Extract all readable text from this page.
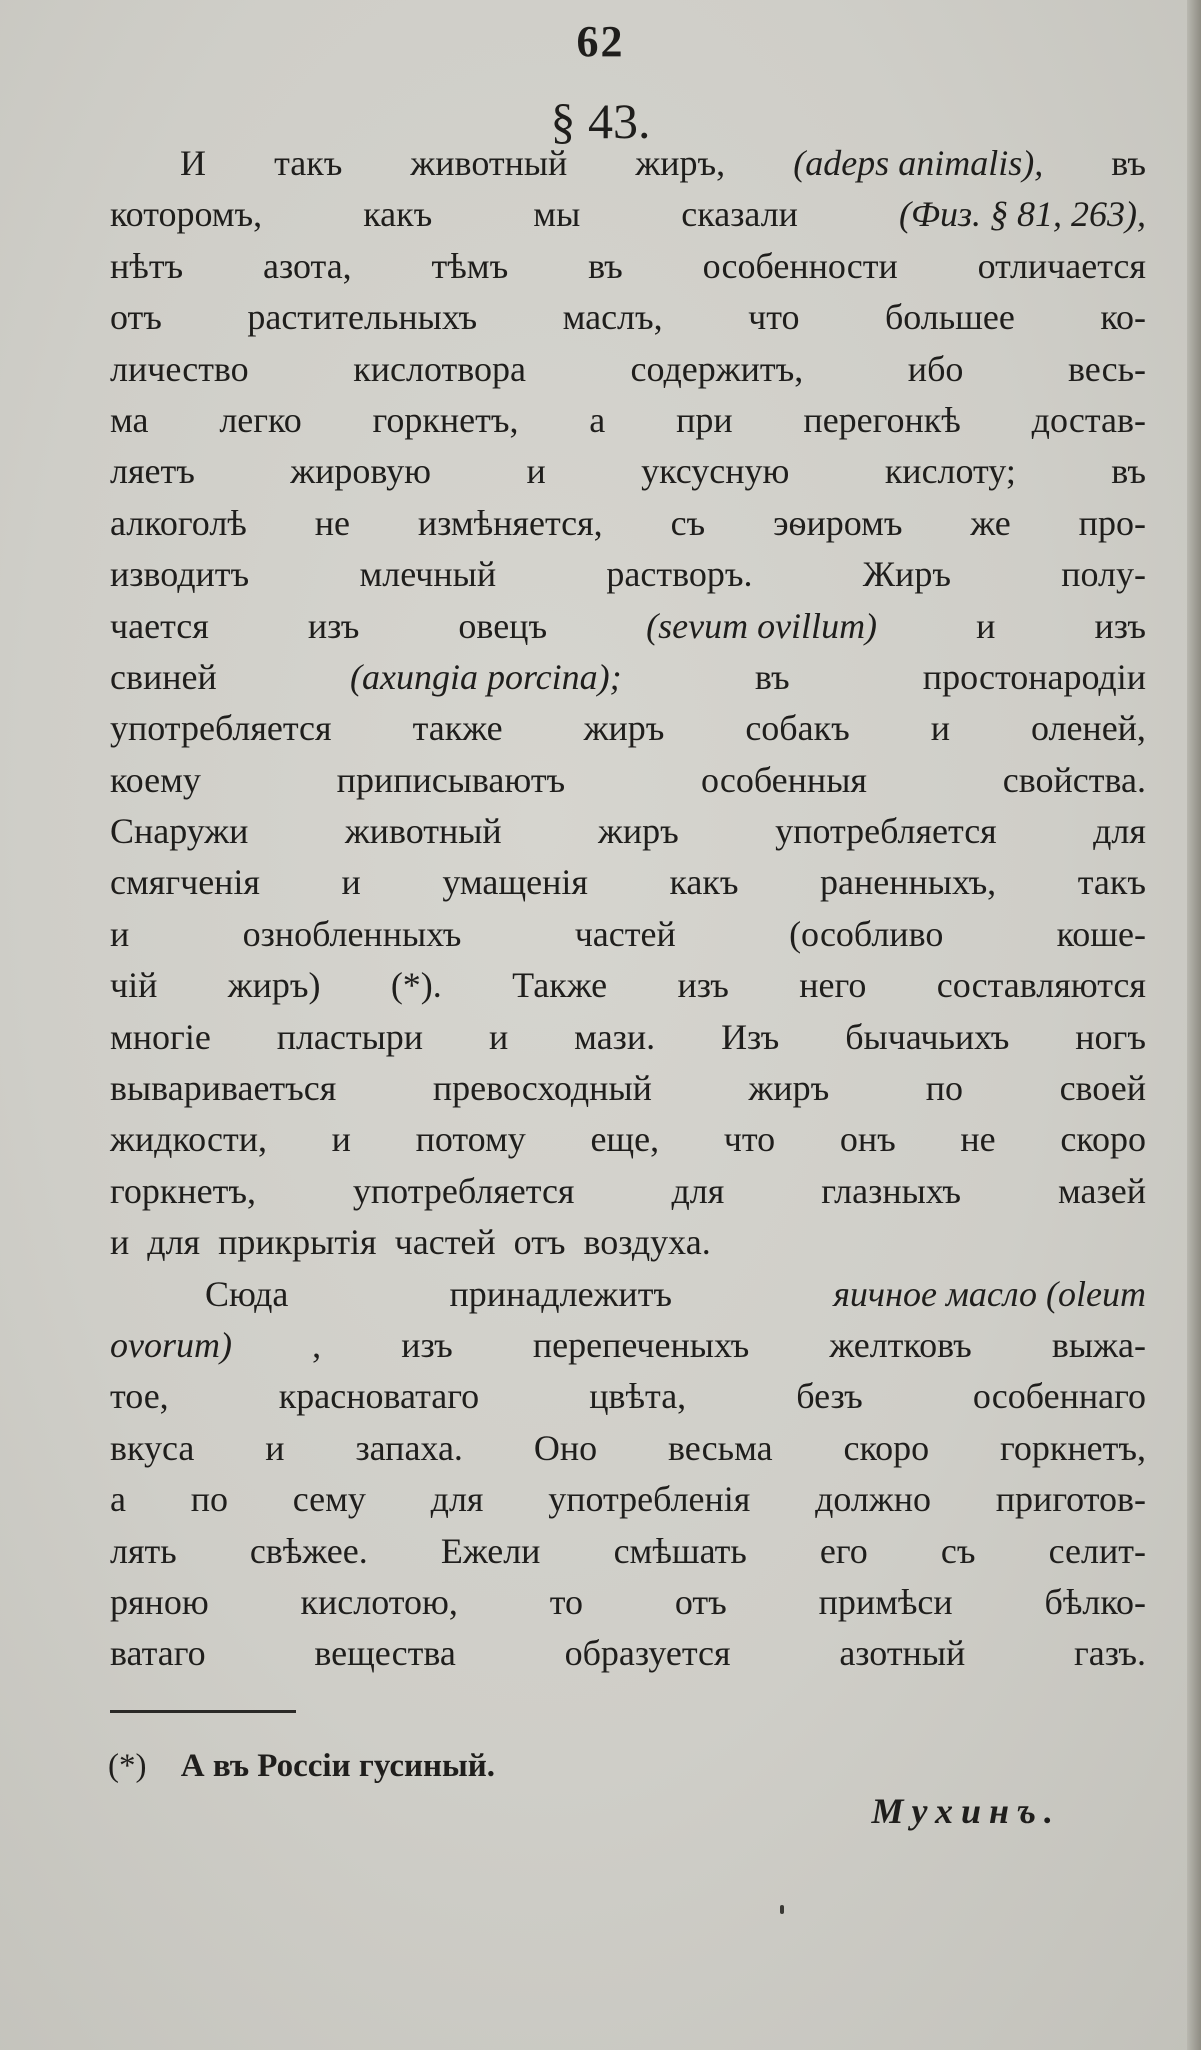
62
§ 43.
И такъ животный жиръ, (adeps animalis), въ
которомъ,	какъ	мы	сказали	(Физ. § 81, 263),
нѣтъ азота, тѣмъ въ особенности отличается
отъ растительныхъ маслъ, что большее ко-
личество	кислотвора	содержитъ,	ибо	весь-
ма легко горкнетъ, а при перегонкѣ достав-
ляетъ	жировую	и	уксусную	кислоту;	въ
алкоголѣ не измѣняется, съ эѳиромъ же про-
изводитъ	млечный	растворъ.	Жиръ	полу-
чается	изъ	овецъ	(sevum ovillum)	и	изъ
свиней	(axungia porcina);	въ	простонародіи
употребляется также жиръ собакъ и оленей,
коему	приписываютъ	особенныя	свойства.
Снаружи	животный	жиръ	употребляется	для
смягченія и умащенія какъ раненныхъ, такъ
и	ознобленныхъ	частей	(особливо	коше-
чій жиръ) (*). Также изъ него составляются
многіе пластыри и мази. Изъ бычачьихъ ногъ
вывариваетъся	превосходный	жиръ	по	своей
жидкости, и потому еще, что онъ не скоро
горкнетъ,	употребляется	для	глазныхъ	мазей
и для прикрытія частей отъ воздуха.
Сюда	принадлежитъ	яичное масло (oleum
ovorum) , изъ перепеченыхъ желтковъ выжа-
тое,	красноватаго	цвѣта,	безъ	особеннаго
вкуса и запаха. Оно весьма скоро горкнетъ,
а по сему для употребленія должно приготов-
лять свѣжее. Ежели смѣшать его съ селит-
ряною	кислотою,	то	отъ	примѣси	бѣлко-
ватаго	вещества	образуется	азотный	газъ.
(*) А въ Россіи гусиный.
Мухинъ.
